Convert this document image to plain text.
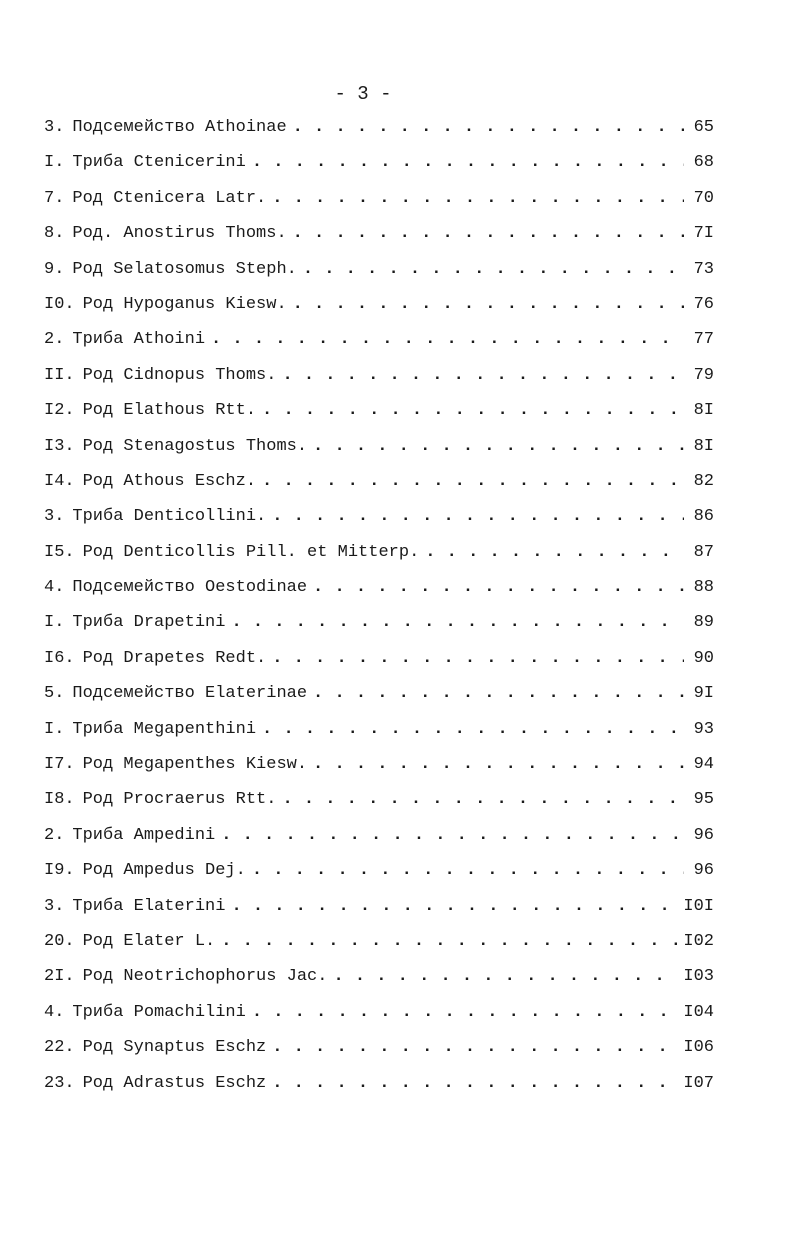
- 3 -
3. Подсемейство Athoinae . . .	65
I. Триба Ctenicerini . . .	68
7. Род Ctenicera Latr. . . .	70
8. Род. Anostirus Thoms. . . .	7I
9. Род Selatosomus Steph. . . .	73
I0. Род Hypoganus Kiesw. . . .	76
2. Триба Athoini . . .	77
II. Род Cidnopus Thoms. . . .	79
I2. Род Elathous Rtt. . . .	8I
I3. Род Stenagostus Thoms. . . .	8I
I4. Род Athous Eschz. . . .	82
3. Триба Denticollini. . . .	86
I5. Род Denticollis Pill. et Mitterp. . . .	87
4. Подсемейство Oestodinae . . .	88
I. Триба Drapetini . . .	89
I6. Род Drapetes Redt. . . .	90
5. Подсемейство Elaterinae . . .	9I
I. Триба Megapenthini . . .	93
I7. Род Megapenthes Kiesw. . . .	94
I8. Род Procraerus Rtt. . . .	95
2. Триба Ampedini . . .	96
I9. Род Ampedus Dej. . . .	96
3. Триба Elaterini . . .	I0I
20. Род Elater L. . . .	I02
2I. Род Neotrichophorus Jac. . . .	I03
4. Триба Pomachilini . . .	I04
22. Род Synaptus Eschz . . .	I06
23. Род Adrastus Eschz . . .	I07
